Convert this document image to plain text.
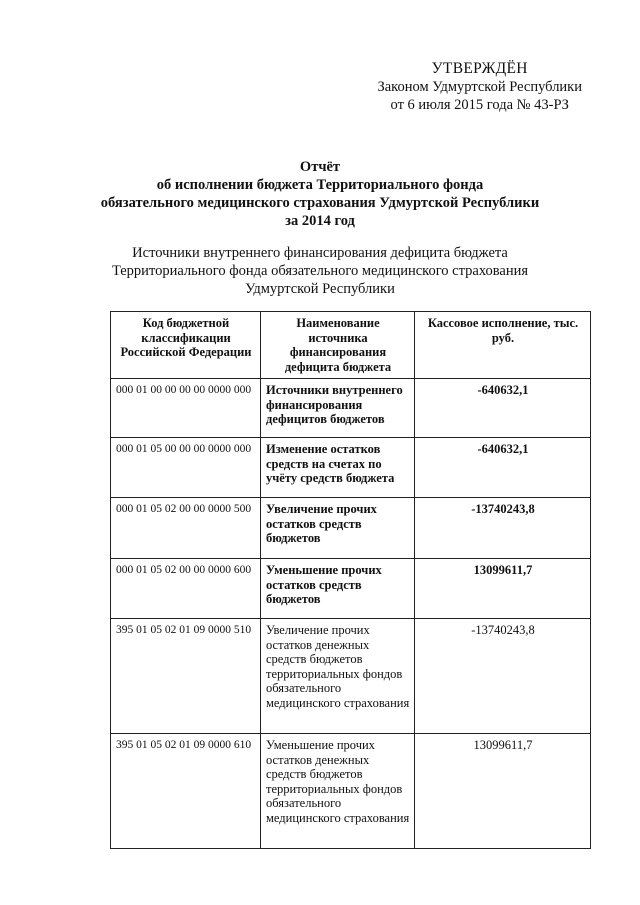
УТВЕРЖДЁН
Законом Удмуртской Республики
от 6 июля 2015 года № 43-РЗ
Отчёт
об исполнении бюджета Территориального фонда
обязательного медицинского страхования Удмуртской Республики
за 2014 год
Источники внутреннего финансирования дефицита бюджета
Территориального фонда обязательного медицинского страхования
Удмуртской Республики
Код бюджетной классификации Российской Федерации	Наименование источника финансирования дефицита бюджета	Кассовое исполнение, тыс. руб.
000 01 00 00 00 00 0000 000	Источники внутреннего финансирования дефицитов бюджетов	-640632,1
000 01 05 00 00 00 0000 000	Изменение остатков средств на счетах по учёту средств бюджета	-640632,1
000 01 05 02 00 00 0000 500	Увеличение прочих остатков средств бюджетов	-13740243,8
000 01 05 02 00 00 0000 600	Уменьшение прочих остатков средств бюджетов	13099611,7
395 01 05 02 01 09 0000 510	Увеличение прочих остатков денежных средств бюджетов территориальных фондов обязательного медицинского страхования	-13740243,8
395 01 05 02 01 09 0000 610	Уменьшение прочих остатков денежных средств бюджетов территориальных фондов обязательного медицинского страхования	13099611,7
